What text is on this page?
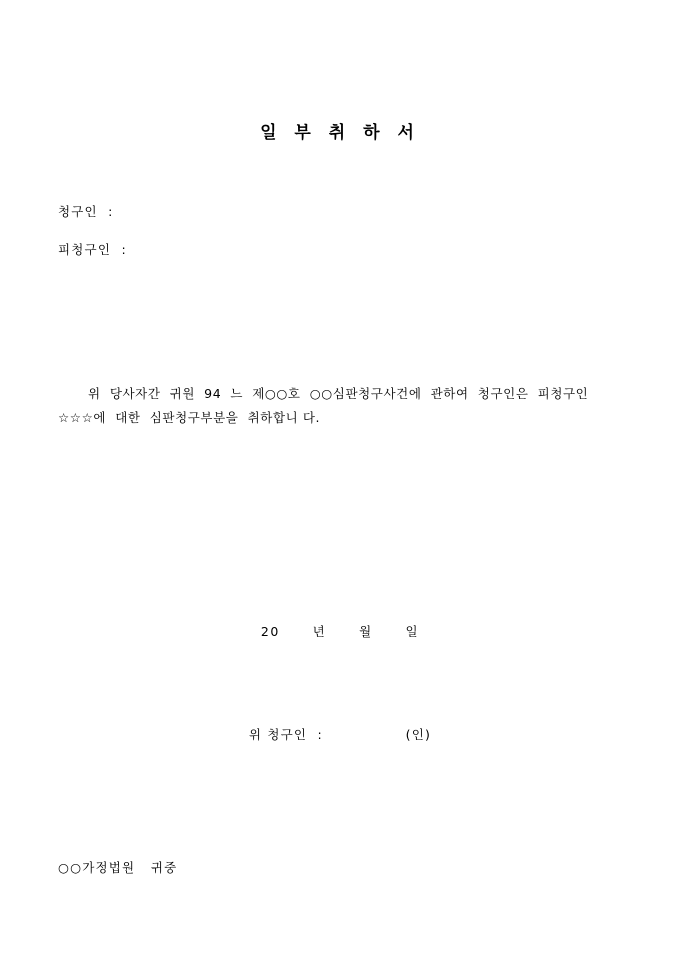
일 부 취 하 서
청구인  :
피청구인  :
위  당사자간  귀원  94  느  제○○호  ○○심판청구사건에  관하여  청구인은  피청구인
☆☆☆에  대한  심판청구부분을  취하합니 다.
20      년      월      일
위 청구인  :                (인)
○○가정법원   귀중
